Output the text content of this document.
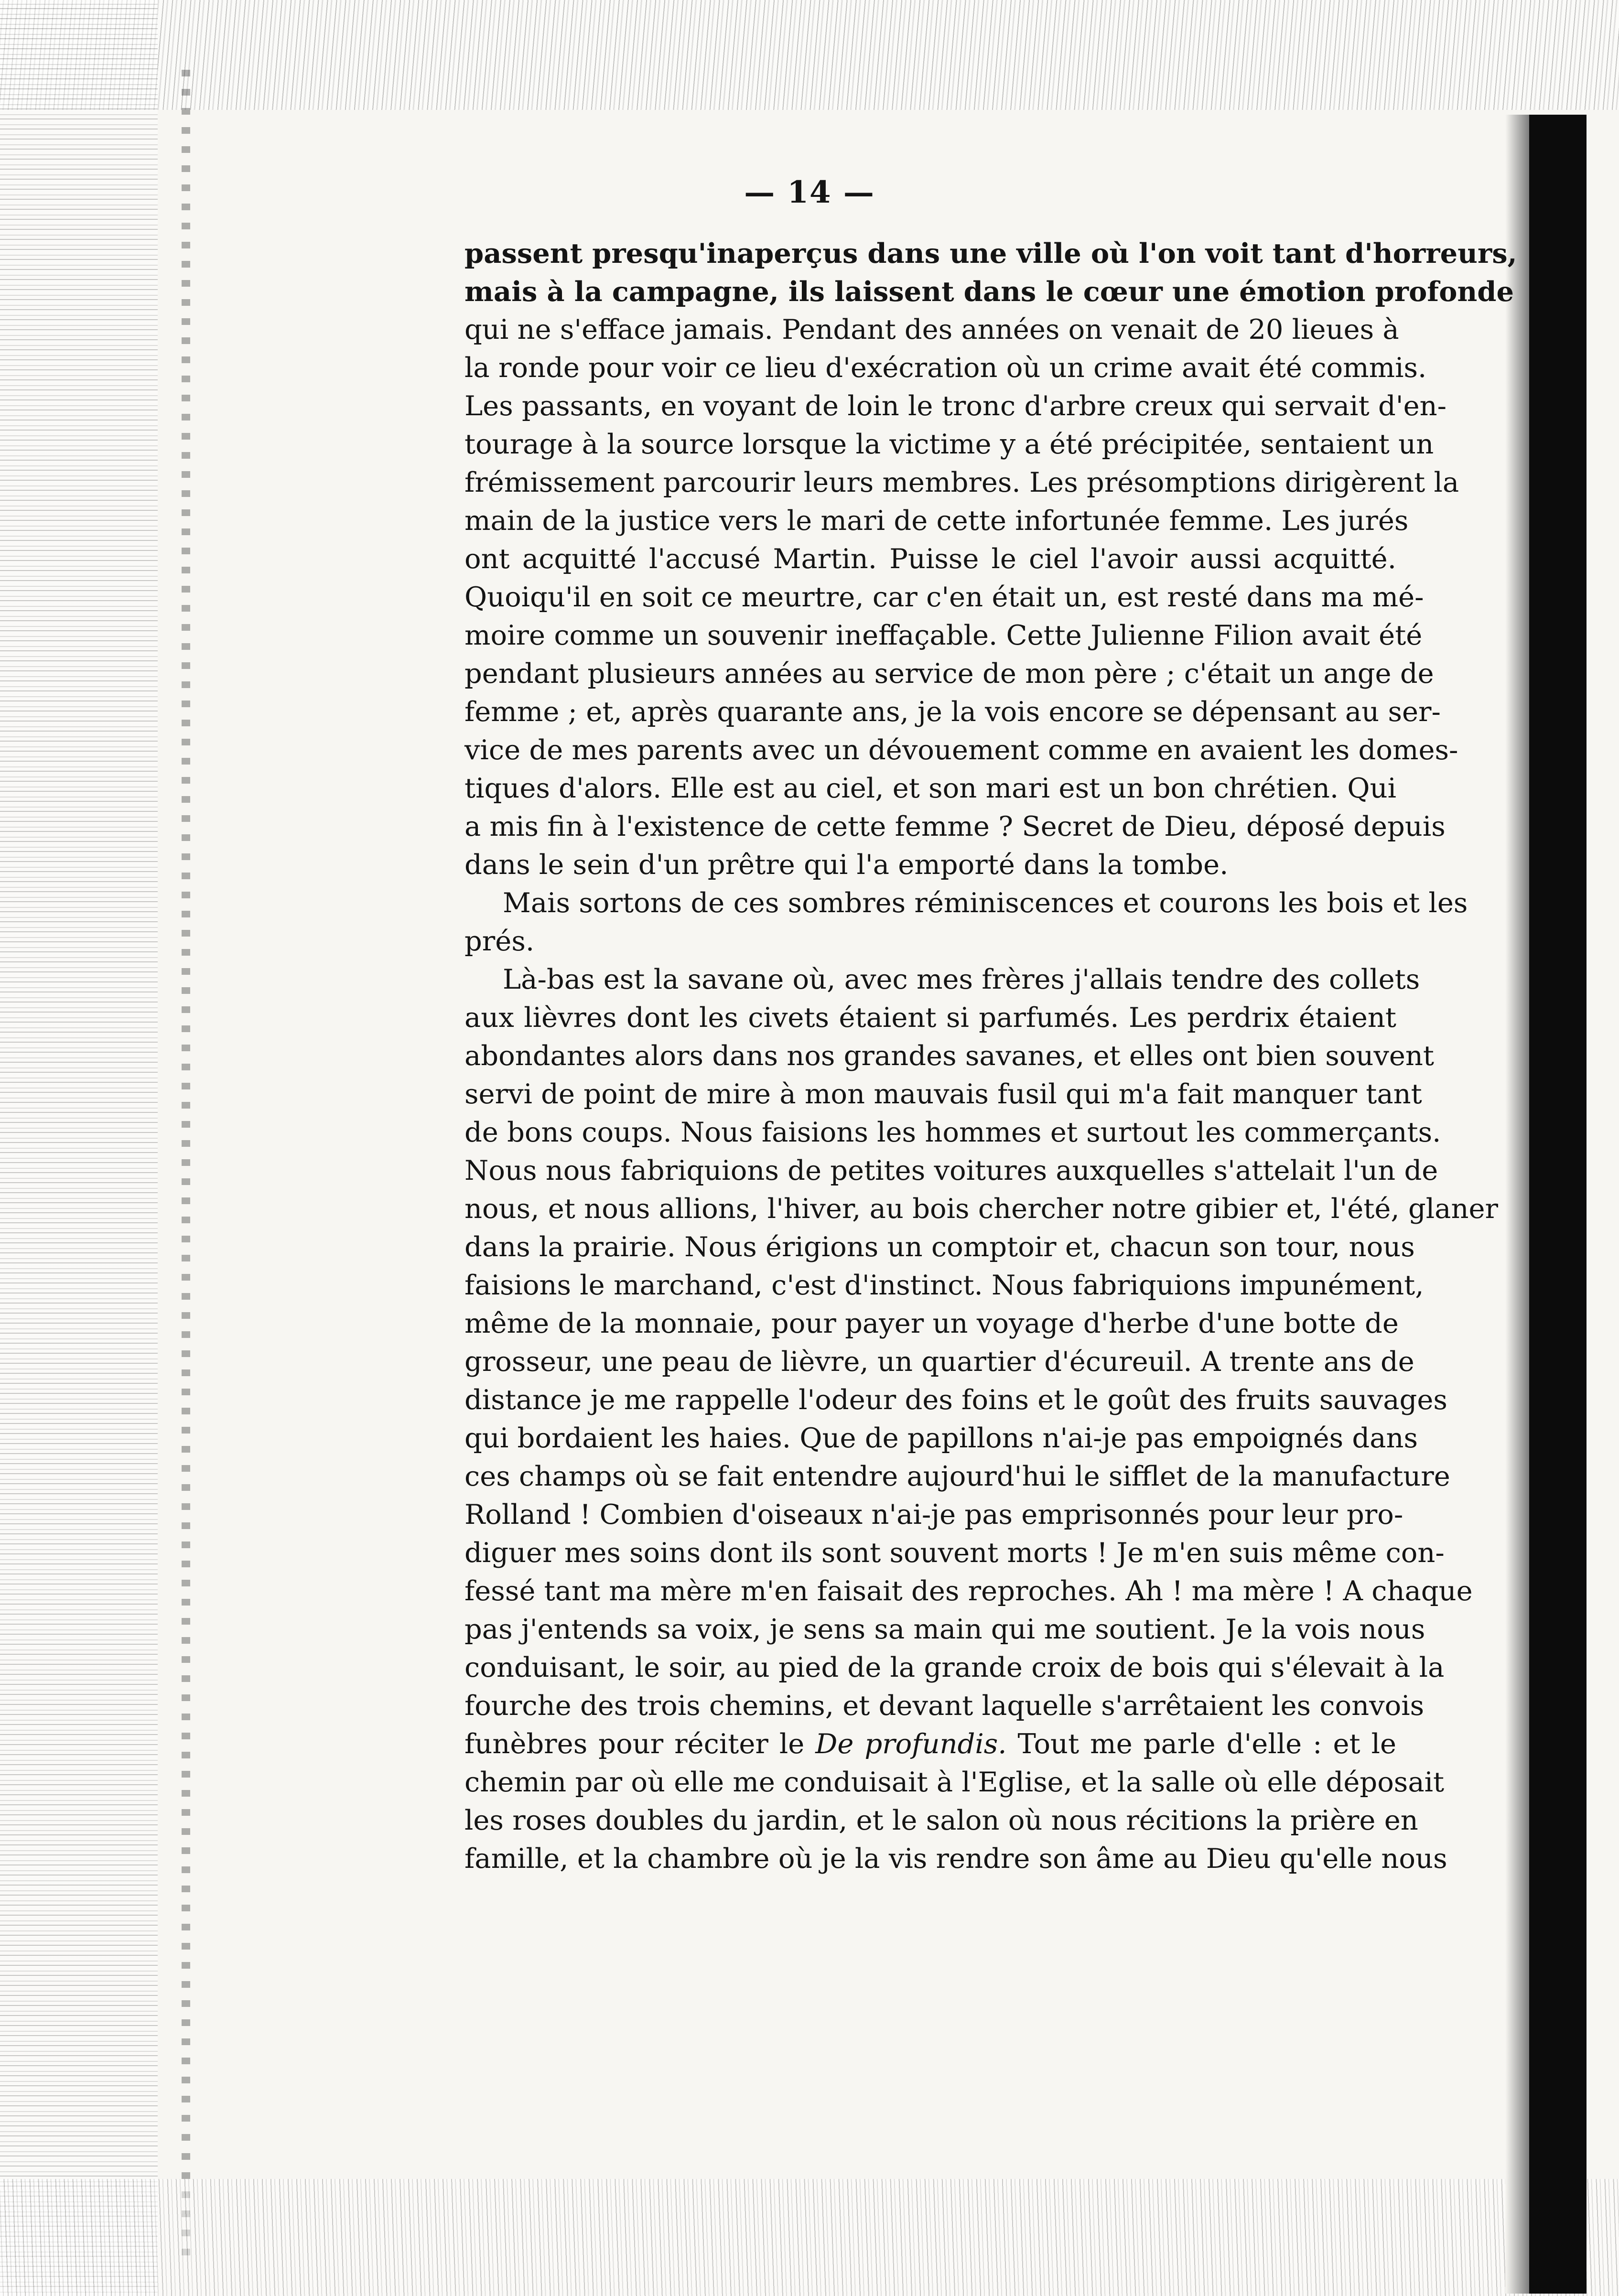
— 14 —
passent presqu'inaperçus dans une ville où l'on voit tant d'horreurs,
mais à la campagne, ils laissent dans le cœur une émotion profonde
qui ne s'efface jamais. Pendant des années on venait de 20 lieues à
la ronde pour voir ce lieu d'exécration où un crime avait été commis.
Les passants, en voyant de loin le tronc d'arbre creux qui servait d'en-
tourage à la source lorsque la victime y a été précipitée, sentaient un
frémissement parcourir leurs membres. Les présomptions dirigèrent la
main de la justice vers le mari de cette infortunée femme. Les jurés
ont acquitté l'accusé Martin. Puisse le ciel l'avoir aussi acquitté.
Quoiqu'il en soit ce meurtre, car c'en était un, est resté dans ma mé-
moire comme un souvenir ineffaçable. Cette Julienne Filion avait été
pendant plusieurs années au service de mon père ; c'était un ange de
femme ; et, après quarante ans, je la vois encore se dépensant au ser-
vice de mes parents avec un dévouement comme en avaient les domes-
tiques d'alors. Elle est au ciel, et son mari est un bon chrétien. Qui
a mis fin à l'existence de cette femme ? Secret de Dieu, déposé depuis
dans le sein d'un prêtre qui l'a emporté dans la tombe.
Mais sortons de ces sombres réminiscences et courons les bois et les
prés.
Là-bas est la savane où, avec mes frères j'allais tendre des collets
aux lièvres dont les civets étaient si parfumés. Les perdrix étaient
abondantes alors dans nos grandes savanes, et elles ont bien souvent
servi de point de mire à mon mauvais fusil qui m'a fait manquer tant
de bons coups. Nous faisions les hommes et surtout les commerçants.
Nous nous fabriquions de petites voitures auxquelles s'attelait l'un de
nous, et nous allions, l'hiver, au bois chercher notre gibier et, l'été, glaner
dans la prairie. Nous érigions un comptoir et, chacun son tour, nous
faisions le marchand, c'est d'instinct. Nous fabriquions impunément,
même de la monnaie, pour payer un voyage d'herbe d'une botte de
grosseur, une peau de lièvre, un quartier d'écureuil. A trente ans de
distance je me rappelle l'odeur des foins et le goût des fruits sauvages
qui bordaient les haies. Que de papillons n'ai-je pas empoignés dans
ces champs où se fait entendre aujourd'hui le sifflet de la manufacture
Rolland ! Combien d'oiseaux n'ai-je pas emprisonnés pour leur pro-
diguer mes soins dont ils sont souvent morts ! Je m'en suis même con-
fessé tant ma mère m'en faisait des reproches. Ah ! ma mère ! A chaque
pas j'entends sa voix, je sens sa main qui me soutient. Je la vois nous
conduisant, le soir, au pied de la grande croix de bois qui s'élevait à la
fourche des trois chemins, et devant laquelle s'arrêtaient les convois
funèbres pour réciter le De profundis. Tout me parle d'elle : et le
chemin par où elle me conduisait à l'Eglise, et la salle où elle déposait
les roses doubles du jardin, et le salon où nous récitions la prière en
famille, et la chambre où je la vis rendre son âme au Dieu qu'elle nous
